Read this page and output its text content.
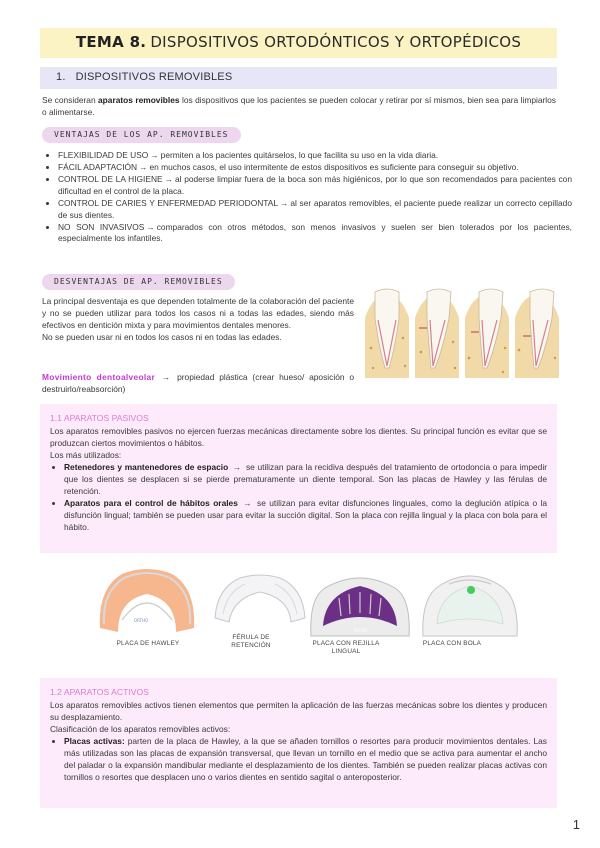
TEMA 8. DISPOSITIVOS ORTODÓNTICOS Y ORTOPÉDICOS
1. DISPOSITIVOS REMOVIBLES
Se consideran aparatos removibles los dispositivos que los pacientes se pueden colocar y retirar por sí mismos, bien sea para limpiarlos o alimentarse.
VENTAJAS DE LOS AP. REMOVIBLES
• FLEXIBILIDAD DE USO → permiten a los pacientes quitárselos, lo que facilita su uso en la vida diaria.
• FÁCIL ADAPTACIÓN → en muchos casos, el uso intermitente de estos dispositivos es suficiente para conseguir su objetivo.
• CONTROL DE LA HIGIENE → al poderse limpiar fuera de la boca son más higiénicos, por lo que son recomendados para pacientes con dificultad en el control de la placa.
• CONTROL DE CARIES Y ENFERMEDAD PERIODONTAL → al ser aparatos removibles, el paciente puede realizar un correcto cepillado de sus dientes.
• NO SON INVASIVOS → comparados con otros métodos, son menos invasivos y suelen ser bien tolerados por los pacientes, especialmente los infantiles.
DESVENTAJAS DE AP. REMOVIBLES
La principal desventaja es que dependen totalmente de la colaboración del paciente y no se pueden utilizar para todos los casos ni a todas las edades, siendo más efectivos en dentición mixta y para movimientos dentales menores.
No se pueden usar ni en todos los casos ni en todas las edades.
Movimiento dentoalveolar → propiedad plástica (crear hueso/ aposición o destruirlo/reabsorción)
1.1 APARATOS PASIVOS

Los aparatos removibles pasivos no ejercen fuerzas mecánicas directamente sobre los dientes. Su principal función es evitar que se produzcan ciertos movimientos o hábitos.

Los más utilizados:

• Retenedores y mantenedores de espacio → se utilizan para la recidiva después del tratamiento de ortodoncia o para impedir que los dientes se desplacen si se pierde prematuramente un diente temporal. Son las placas de Hawley y las férulas de retención.
• Aparatos para el control de hábitos orales → se utilizan para evitar disfunciones linguales, como la deglución atípica o la disfunción lingual; también se pueden usar para evitar la succión digital. Son la placa con rejilla lingual y la placa con bola para el hábito.
ORTHO
ORTHO
PLACA DE HAWLEY
FÉRULA DE
RETENCIÓN	PLACA CON REJILLA
LINGUAL
PLACA CON BOLA
1.2 APARATOS ACTIVOS

Los aparatos removibles activos tienen elementos que permiten la aplicación de las fuerzas mecánicas sobre los dientes y producen su desplazamiento.

Clasificación de los aparatos removibles activos:

• Placas activas: parten de la placa de Hawley, a la que se añaden tornillos o resortes para producir movimientos dentales. Las más utilizadas son las placas de expansión transversal, que llevan un tornillo en el medio que se activa para aumentar el ancho del paladar o la expansión mandibular mediante el desplazamiento de los dientes. También se pueden realizar placas activas con tornillos o resortes que desplacen uno o varios dientes en sentido sagital o anteroposterior.
1
